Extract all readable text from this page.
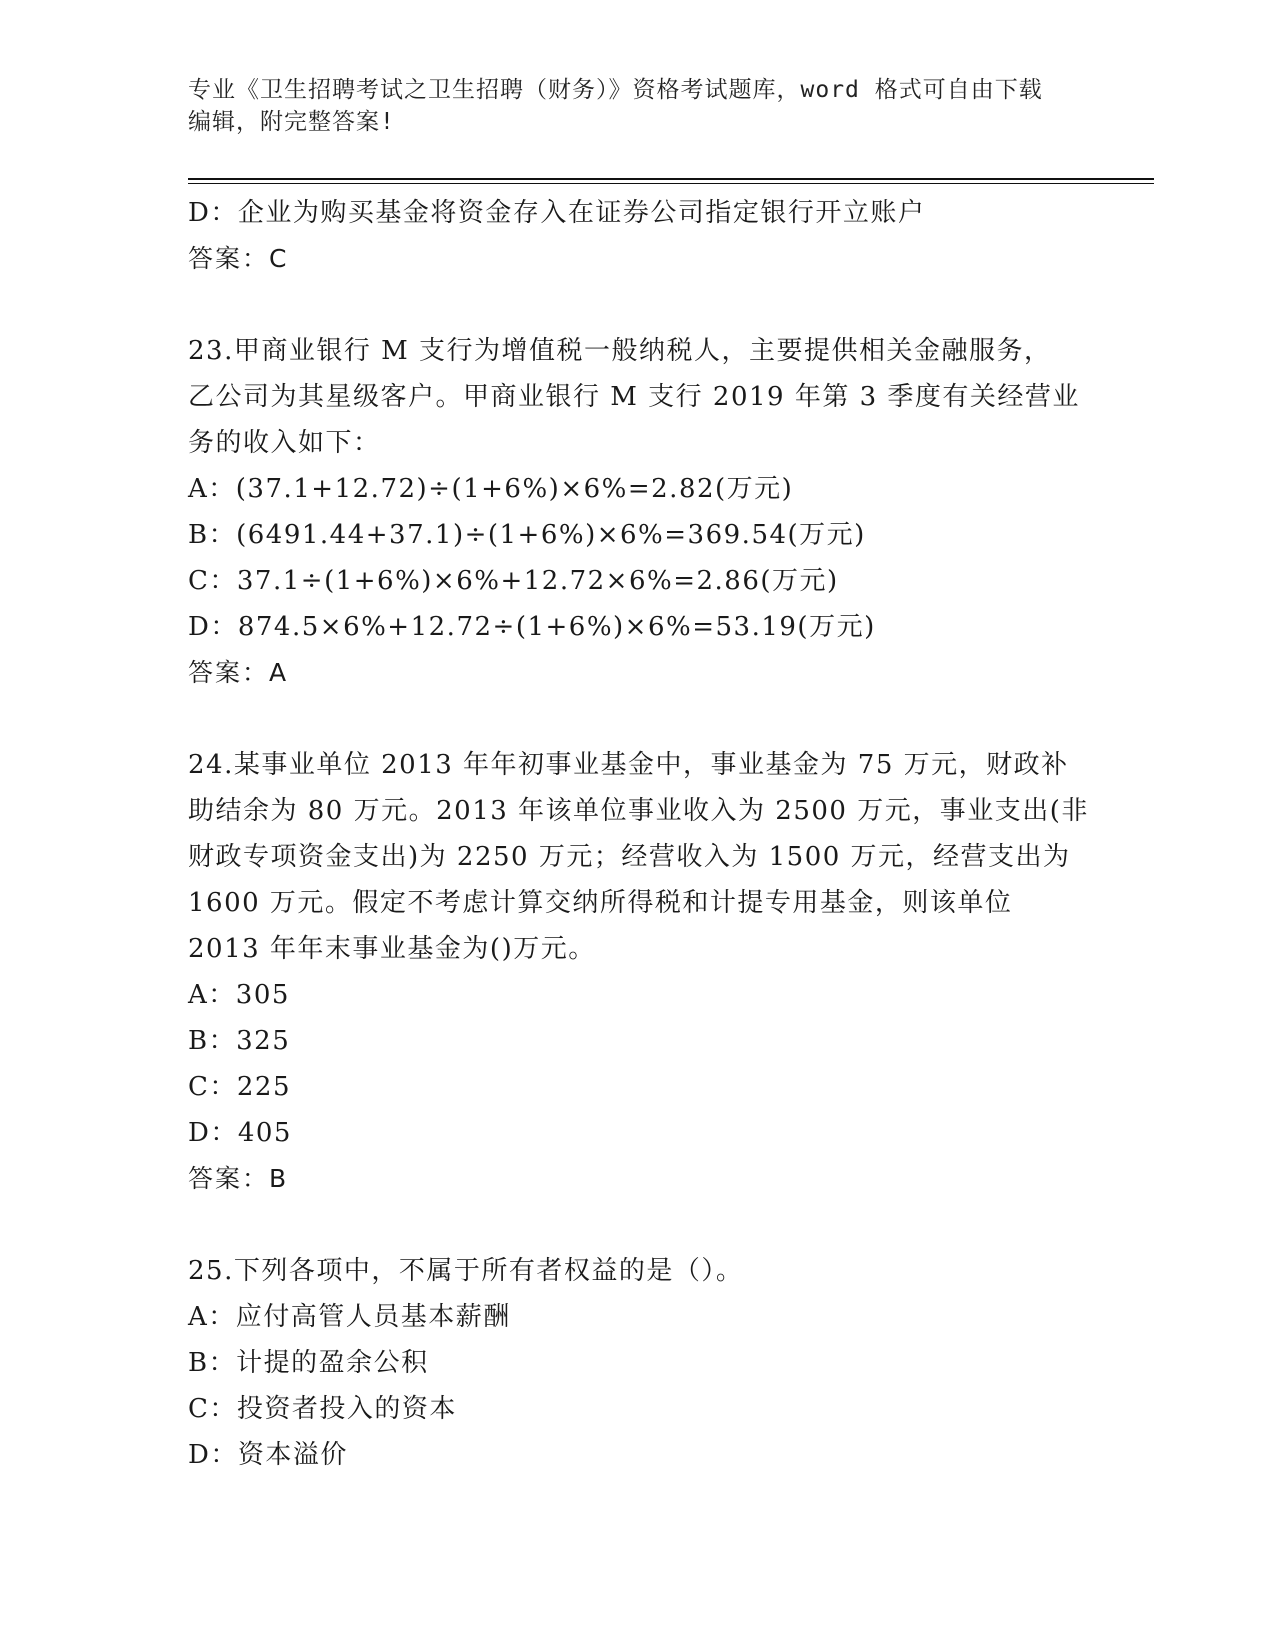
专业《卫生招聘考试之卫生招聘（财务）》资格考试题库，word 格式可自由下载
编辑，附完整答案!
D：企业为购买基金将资金存入在证券公司指定银行开立账户
答案：C
23.甲商业银行 M 支行为增值税一般纳税人，主要提供相关金融服务，
乙公司为其星级客户。甲商业银行 M 支行 2019 年第 3 季度有关经营业
务的收入如下：
A：(37.1+12.72)÷(1+6%)×6%=2.82(万元)
B：(6491.44+37.1)÷(1+6%)×6%=369.54(万元)
C：37.1÷(1+6%)×6%+12.72×6%=2.86(万元)
D：874.5×6%+12.72÷(1+6%)×6%=53.19(万元)
答案：A
24.某事业单位 2013 年年初事业基金中，事业基金为 75 万元，财政补
助结余为 80 万元。2013 年该单位事业收入为 2500 万元，事业支出(非
财政专项资金支出)为 2250 万元；经营收入为 1500 万元，经营支出为
1600 万元。假定不考虑计算交纳所得税和计提专用基金，则该单位
2013 年年末事业基金为()万元。
A：305
B：325
C：225
D：405
答案：B
25.下列各项中，不属于所有者权益的是（）。
A：应付高管人员基本薪酬
B：计提的盈余公积
C：投资者投入的资本
D：资本溢价
